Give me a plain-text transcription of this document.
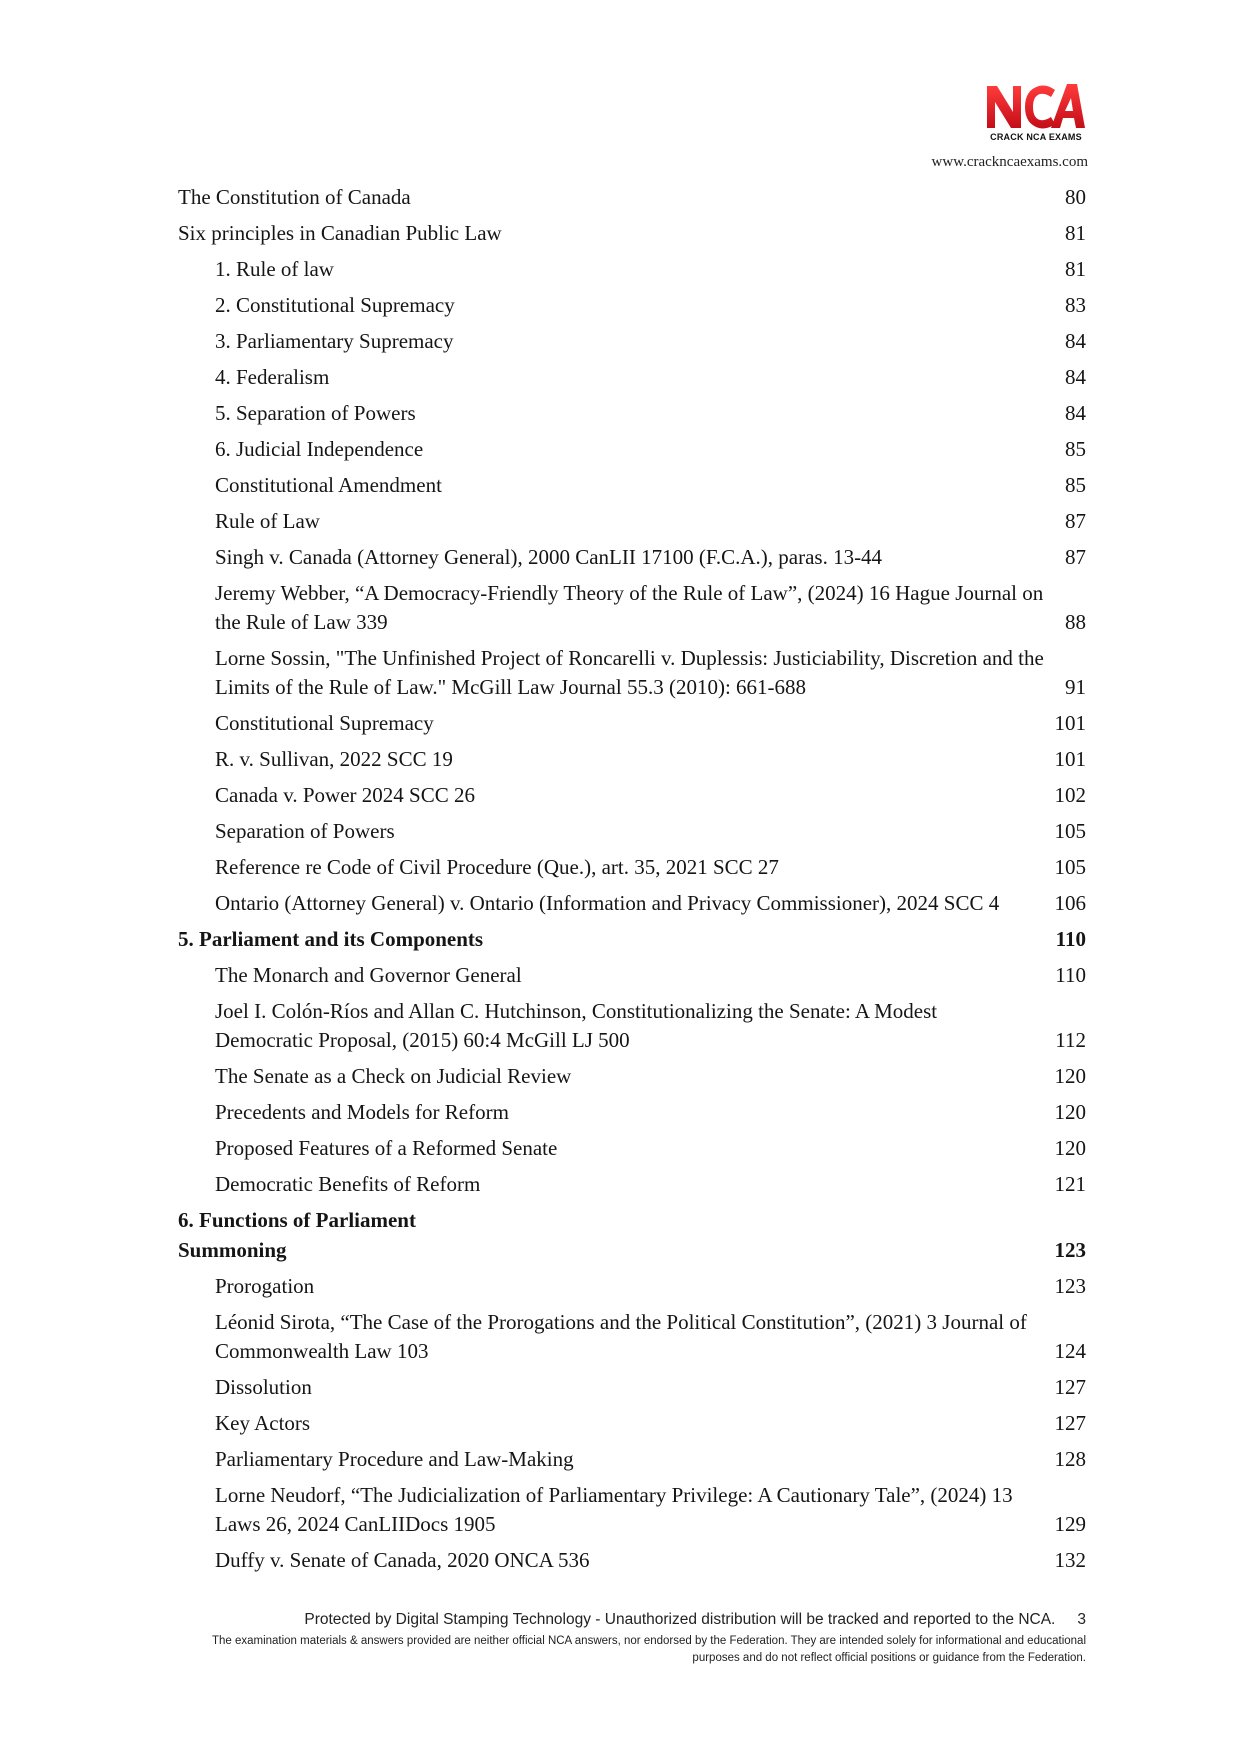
CRACK NCA EXAMS
www.crackncaexams.com
The Constitution of Canada	80
Six principles in Canadian Public Law	81
1. Rule of law	81
2. Constitutional Supremacy	83
3. Parliamentary Supremacy	84
4. Federalism	84
5. Separation of Powers	84
6. Judicial Independence	85
Constitutional Amendment	85
Rule of Law	87
Singh v. Canada (Attorney General), 2000 CanLII 17100 (F.C.A.), paras. 13-44	87
Jeremy Webber, “A Democracy-Friendly Theory of the Rule of Law”, (2024) 16 Hague Journal on the Rule of Law 339	88
Lorne Sossin, "The Unfinished Project of Roncarelli v. Duplessis: Justiciability, Discretion and the Limits of the Rule of Law." McGill Law Journal 55.3 (2010): 661-688	91
Constitutional Supremacy	101
R. v. Sullivan, 2022 SCC 19	101
Canada v. Power 2024 SCC 26	102
Separation of Powers	105
Reference re Code of Civil Procedure (Que.), art. 35, 2021 SCC 27	105
Ontario (Attorney General) v. Ontario (Information and Privacy Commissioner), 2024 SCC 4	106
5. Parliament and its Components	110
The Monarch and Governor General	110
Joel I. Colón-Ríos and Allan C. Hutchinson, Constitutionalizing the Senate: A Modest Democratic Proposal, (2015) 60:4 McGill LJ 500	112
The Senate as a Check on Judicial Review	120
Precedents and Models for Reform	120
Proposed Features of a Reformed Senate	120
Democratic Benefits of Reform	121
6. Functions of Parliament
Summoning	123
Prorogation	123
Léonid Sirota, “The Case of the Prorogations and the Political Constitution”, (2021) 3 Journal of Commonwealth Law 103	124
Dissolution	127
Key Actors	127
Parliamentary Procedure and Law-Making	128
Lorne Neudorf, “The Judicialization of Parliamentary Privilege: A Cautionary Tale”, (2024) 13 Laws 26, 2024 CanLIIDocs 1905	129
Duffy v. Senate of Canada, 2020 ONCA 536	132
Protected by Digital Stamping Technology - Unauthorized distribution will be tracked and reported to the NCA. 3
The examination materials & answers provided are neither official NCA answers, nor endorsed by the Federation. They are intended solely for informational and educational purposes and do not reflect official positions or guidance from the Federation.
